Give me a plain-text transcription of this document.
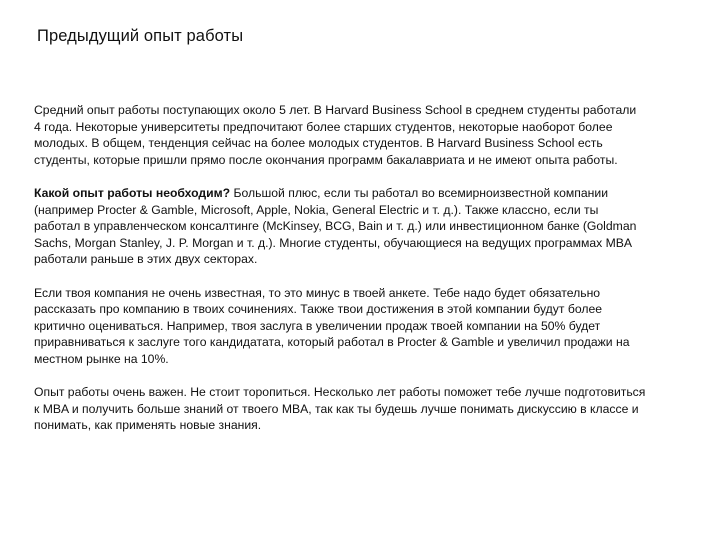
Предыдущий опыт работы

Средний опыт работы поступающих около 5 лет. В Harvard Business School в среднем студенты работали 4 года. Некоторые университеты предпочитают более старших студентов, некоторые наоборот более молодых. В общем, тенденция сейчас на более молодых студентов. В Harvard Business School есть студенты, которые пришли прямо после окончания программ бакалавриата и не имеют опыта работы.

Какой опыт работы необходим? Большой плюс, если ты работал во всемирноизвестной компании (например Procter & Gamble, Microsoft, Apple, Nokia, General Electric и т. д.). Также классно, если ты работал в управленческом консалтинге (McKinsey, BCG, Bain и т. д.) или инвестиционном банке (Goldman Sachs, Morgan Stanley, J. P. Morgan и т. д.). Многие студенты, обучающиеся на ведущих программах MBA работали раньше в этих двух секторах.

Если твоя компания не очень известная, то это минус в твоей анкете. Тебе надо будет обязательно рассказать про компанию в твоих сочинениях. Также твои достижения в этой компании будут более критично оцениваться. Например, твоя заслуга в увеличении продаж твоей компании на 50% будет приравниваться к заслуге того кандидатата, который работал в Procter & Gamble и увеличил продажи на местном рынке на 10%.

Опыт работы очень важен. Не стоит торопиться. Несколько лет работы поможет тебе лучше подготовиться к MBA и получить больше знаний от твоего MBA, так как ты будешь лучше понимать дискуссию в классе и понимать, как применять новые знания.
